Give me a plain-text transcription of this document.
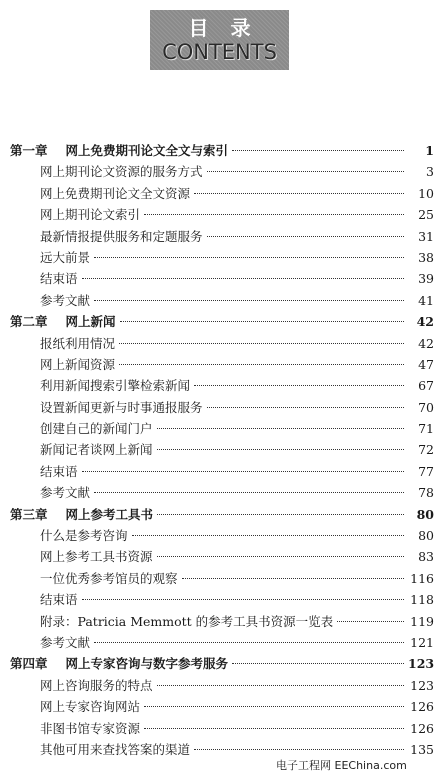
目录
CONTENTS
第一章 网上免费期刊论文全文与索引	1
网上期刊论文资源的服务方式	3
网上免费期刊论文全文资源	10
网上期刊论文索引	25
最新情报提供服务和定题服务	31
远大前景	38
结束语	39
参考文献	41
第二章 网上新闻	42
报纸利用情况	42
网上新闻资源	47
利用新闻搜索引擎检索新闻	67
设置新闻更新与时事通报服务	70
创建自己的新闻门户	71
新闻记者谈网上新闻	72
结束语	77
参考文献	78
第三章 网上参考工具书	80
什么是参考咨询	80
网上参考工具书资源	83
一位优秀参考馆员的观察	116
结束语	118
附录：Patricia Memmott 的参考工具书资源一览表	119
参考文献	121
第四章 网上专家咨询与数字参考服务	123
网上咨询服务的特点	123
网上专家咨询网站	126
非图书馆专家资源	126
其他可用来查找答案的渠道	135
电子工程网 EEChina.com
